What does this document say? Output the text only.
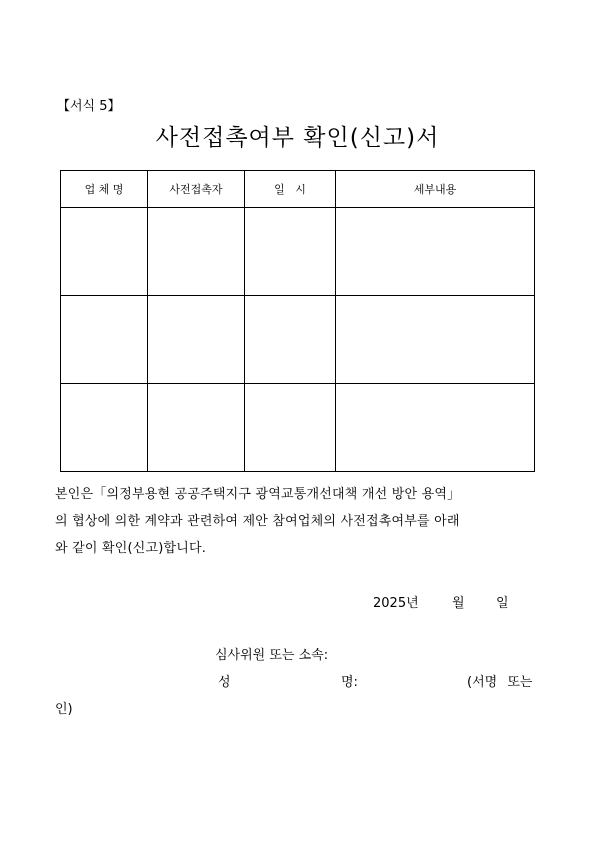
【서식 5】
사전접촉여부 확인(신고)서
업 체 명	사전접촉자	일   시	세부내용

본인은「의정부용현 공공주택지구 광역교통개선대책 개선 방안 용역」
의 협상에 의한 계약과 관련하여 제안 참여업체의 사전접촉여부를 아래
와 같이 확인(신고)합니다.
2025년	월 일
심사위원 또는 소속:
성	명:	(서명 또는
인)
